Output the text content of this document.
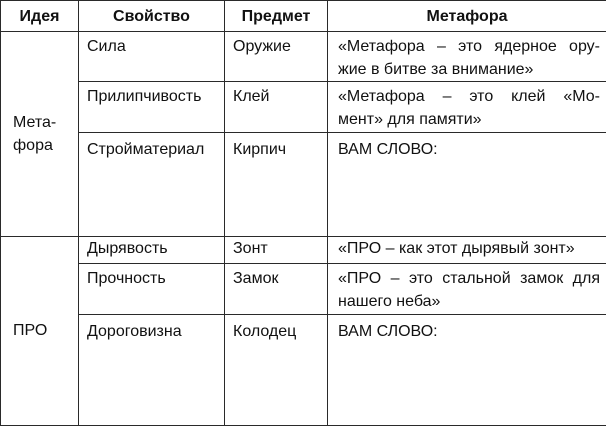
Идея	Свойство	Предмет	Метафора

Мета-
фора	Сила	Оружие	«Метафора – это ядерное ору-
жие в битве за внимание»

	Прилипчивость	Клей	«Метафора – это клей «Мо-
мент» для памяти»

	Стройматериал	Кирпич	ВАМ СЛОВО:

ПРО	Дырявость	Зонт	«ПРО – как этот дырявый зонт»

	Прочность	Замок	«ПРО – это стальной замок для
нашего неба»

	Дороговизна	Колодец	ВАМ СЛОВО:
